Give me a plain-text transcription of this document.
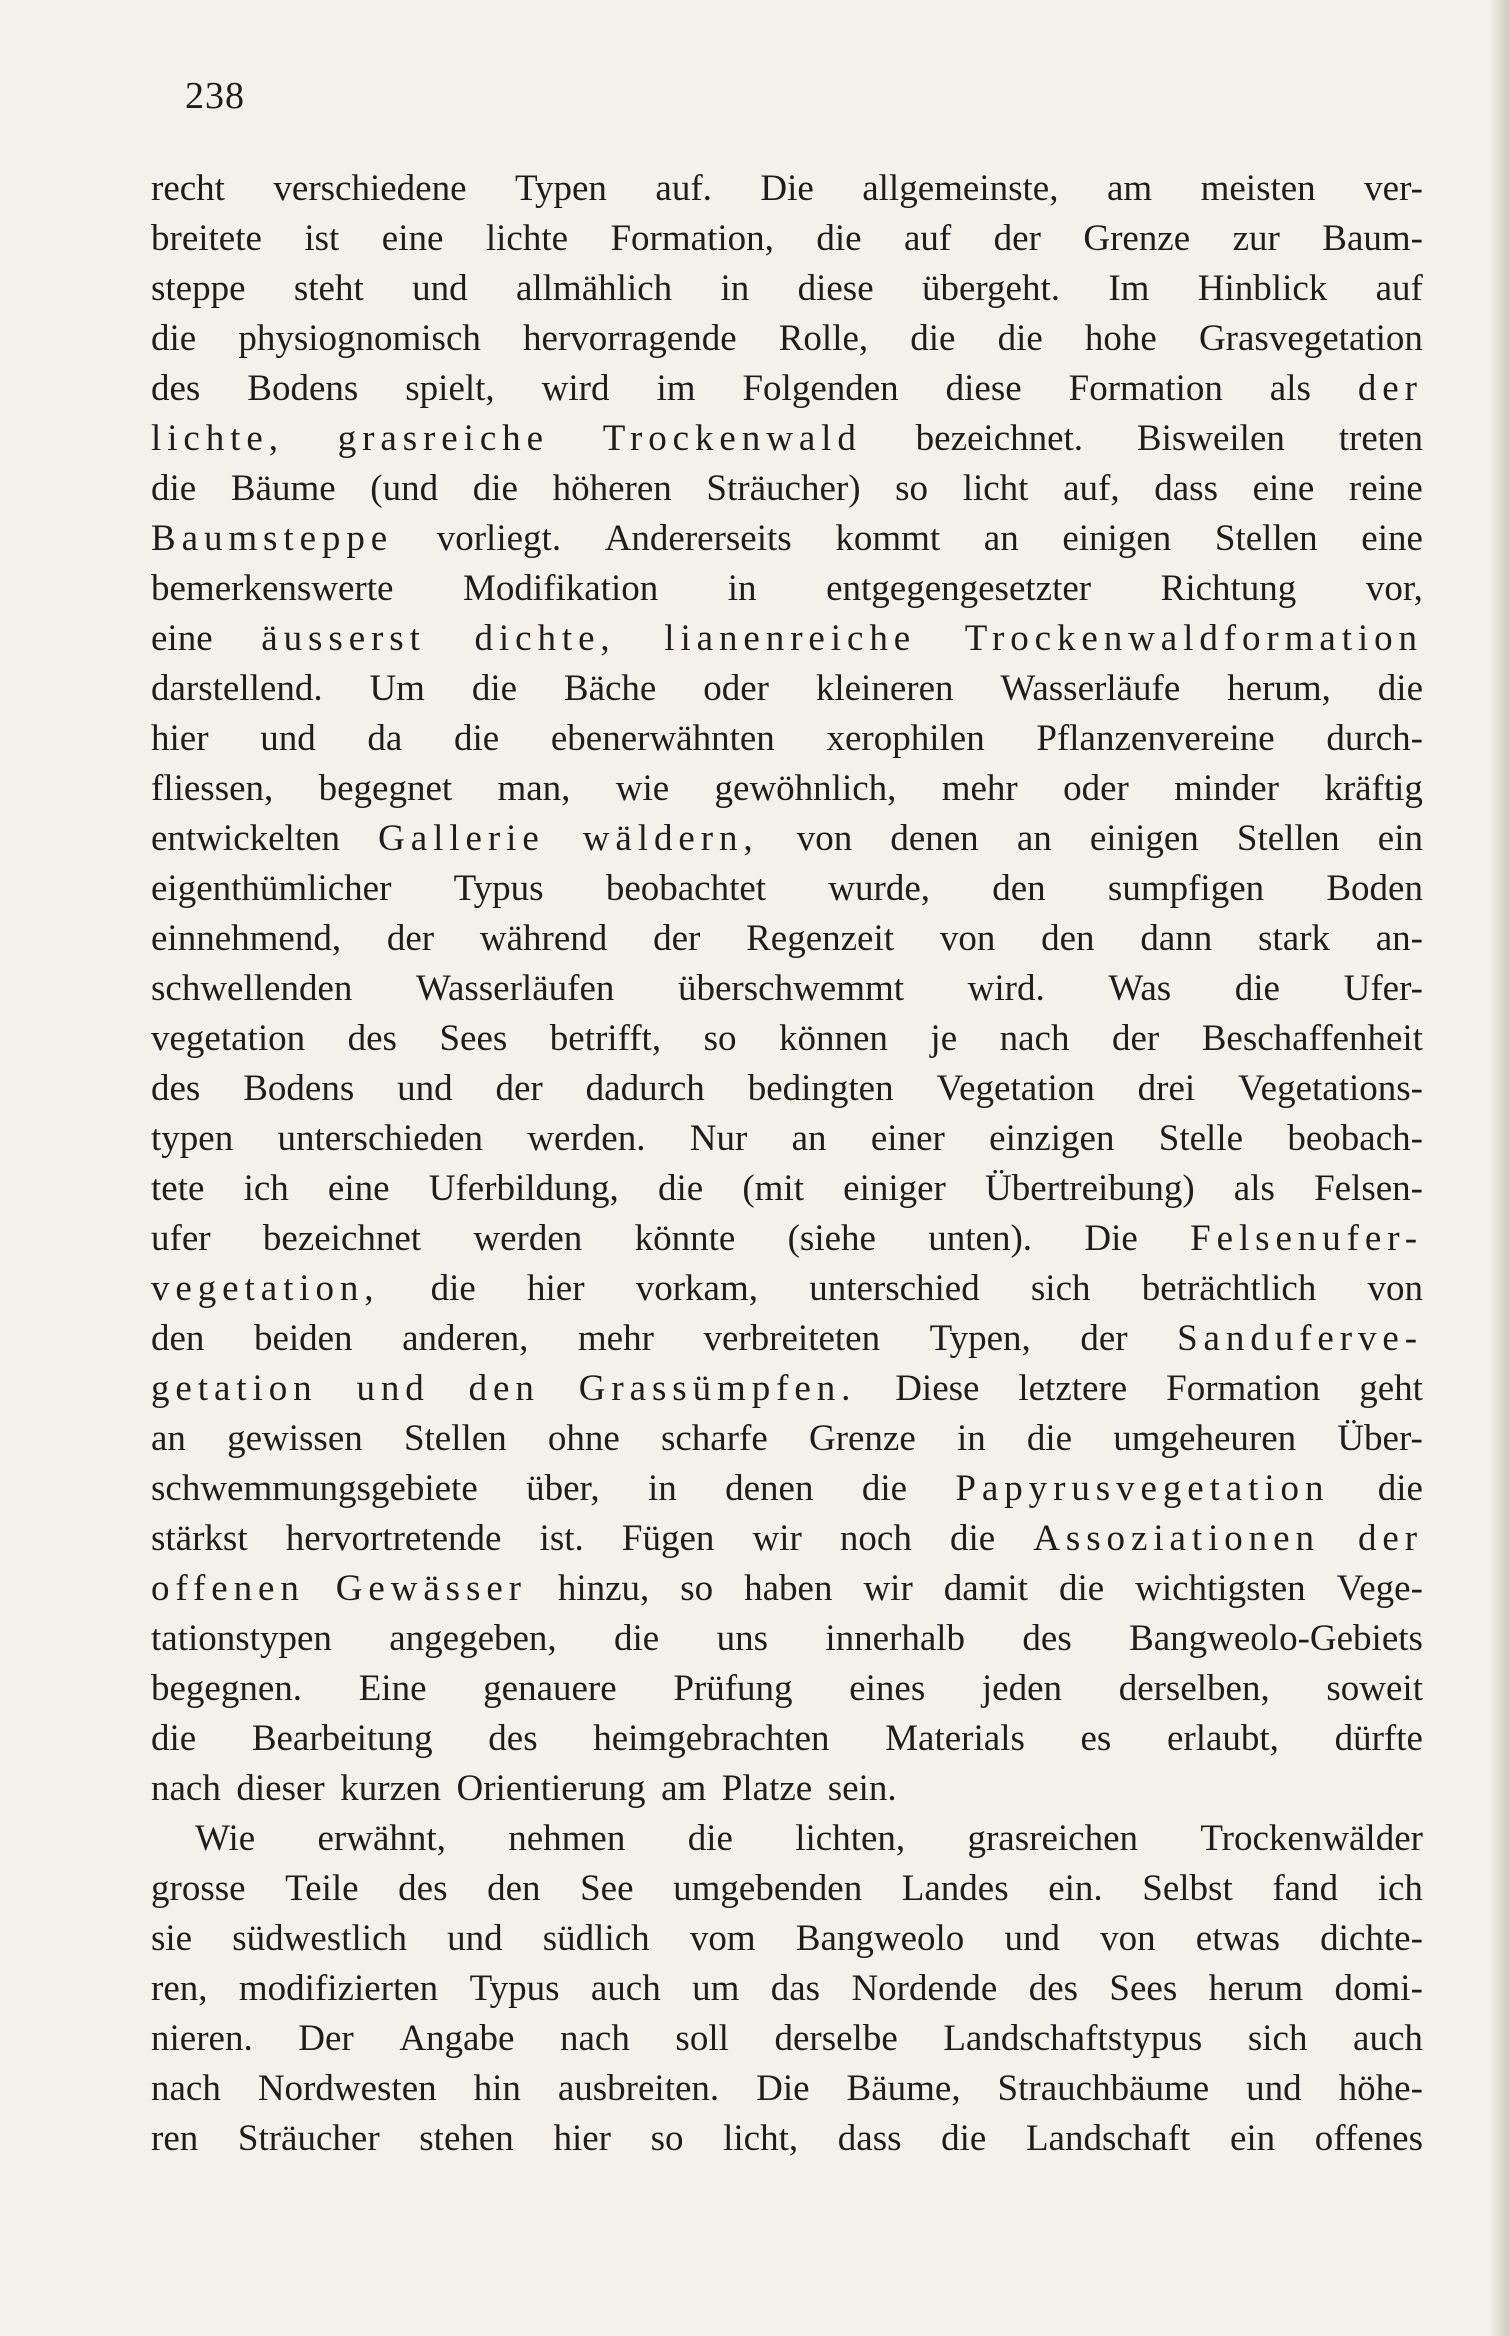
238
recht verschiedene Typen auf. Die allgemeinste, am meisten ver-
breitete ist eine lichte Formation, die auf der Grenze zur Baum-
steppe steht und allmählich in diese übergeht. Im Hinblick auf
die physiognomisch hervorragende Rolle, die die hohe Grasvegetation
des Bodens spielt, wird im Folgenden diese Formation als der
lichte, grasreiche Trockenwald bezeichnet. Bisweilen treten
die Bäume (und die höheren Sträucher) so licht auf, dass eine reine
Baumsteppe vorliegt. Andererseits kommt an einigen Stellen eine
bemerkenswerte Modifikation in entgegengesetzter Richtung vor,
eine äusserst dichte, lianenreiche Trockenwaldformation
darstellend. Um die Bäche oder kleineren Wasserläufe herum, die
hier und da die ebenerwähnten xerophilen Pflanzenvereine durch-
fliessen, begegnet man, wie gewöhnlich, mehr oder minder kräftig
entwickelten Gallerie wäldern, von denen an einigen Stellen ein
eigenthümlicher Typus beobachtet wurde, den sumpfigen Boden
einnehmend, der während der Regenzeit von den dann stark an-
schwellenden Wasserläufen überschwemmt wird. Was die Ufer-
vegetation des Sees betrifft, so können je nach der Beschaffenheit
des Bodens und der dadurch bedingten Vegetation drei Vegetations-
typen unterschieden werden. Nur an einer einzigen Stelle beobach-
tete ich eine Uferbildung, die (mit einiger Übertreibung) als Felsen-
ufer bezeichnet werden könnte (siehe unten). Die Felsenufer-
vegetation, die hier vorkam, unterschied sich beträchtlich von
den beiden anderen, mehr verbreiteten Typen, der Sanduferve-
getation und den Grassümpfen. Diese letztere Formation geht
an gewissen Stellen ohne scharfe Grenze in die umgeheuren Über-
schwemmungsgebiete über, in denen die Papyrusvegetation die
stärkst hervortretende ist. Fügen wir noch die Assoziationen der
offenen Gewässer hinzu, so haben wir damit die wichtigsten Vege-
tationstypen angegeben, die uns innerhalb des Bangweolo-Gebiets
begegnen. Eine genauere Prüfung eines jeden derselben, soweit
die Bearbeitung des heimgebrachten Materials es erlaubt, dürfte
nach dieser kurzen Orientierung am Platze sein.
Wie erwähnt, nehmen die lichten, grasreichen Trockenwälder
grosse Teile des den See umgebenden Landes ein. Selbst fand ich
sie südwestlich und südlich vom Bangweolo und von etwas dichte-
ren, modifizierten Typus auch um das Nordende des Sees herum domi-
nieren. Der Angabe nach soll derselbe Landschaftstypus sich auch
nach Nordwesten hin ausbreiten. Die Bäume, Strauchbäume und höhe-
ren Sträucher stehen hier so licht, dass die Landschaft ein offenes
